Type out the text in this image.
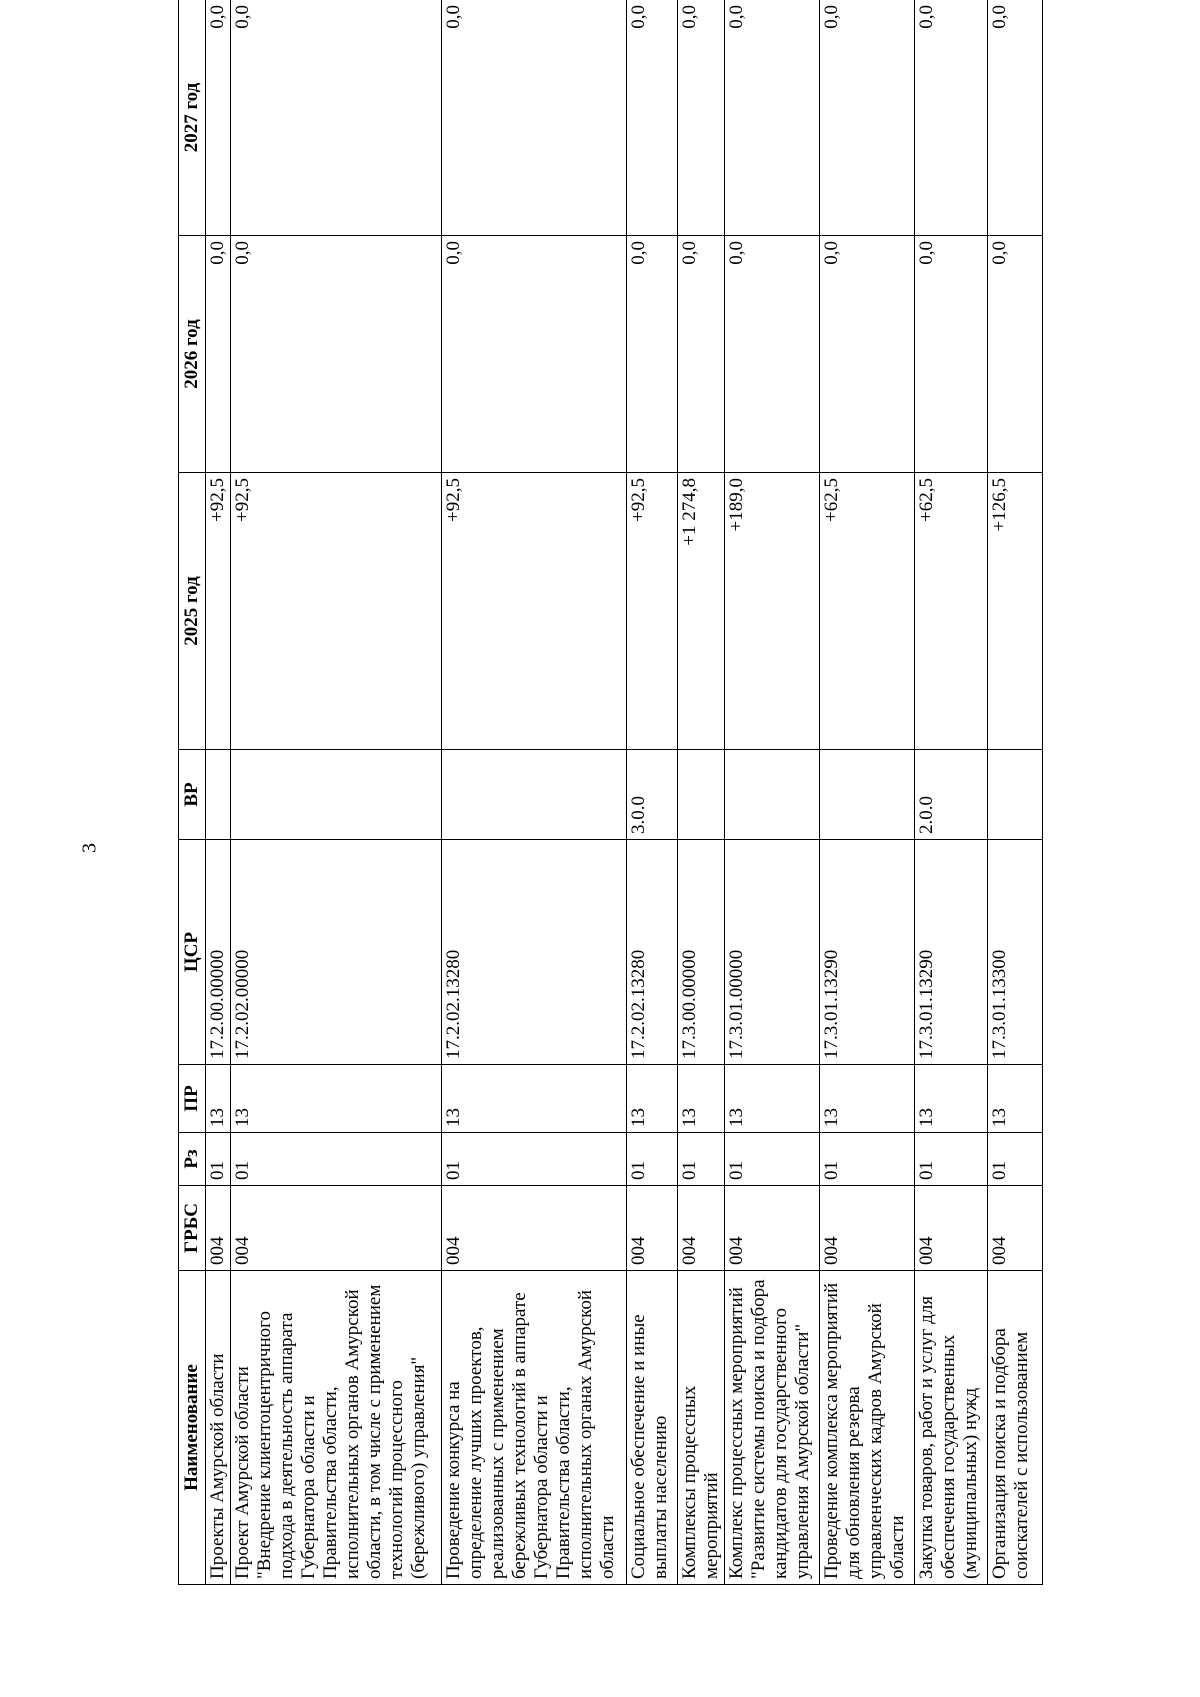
3
Наименование	ГРБС	Рз	ПР	ЦСР	ВР	2025 год	2026 год	2027 год
Проекты Амурской области	004	01	13	17.2.00.00000		+92,5	0,0	0,0
Проект Амурской области "Внедрение клиентоцентричного подхода в деятельность аппарата Губернатора области и Правительства области, исполнительных органов Амурской области, в том числе с применением технологий процессного (бережливого) управления"	004	01	13	17.2.02.00000		+92,5	0,0	0,0
Проведение конкурса на определение лучших проектов, реализованных с применением бережливых технологий в аппарате Губернатора области и Правительства области, исполнительных органах Амурской области	004	01	13	17.2.02.13280		+92,5	0,0	0,0
Социальное обеспечение и иные выплаты населению	004	01	13	17.2.02.13280	3.0.0	+92,5	0,0	0,0
Комплексы процессных мероприятий	004	01	13	17.3.00.00000		+1 274,8	0,0	0,0
Комплекс процессных мероприятий "Развитие системы поиска и подбора кандидатов для государственного управления Амурской области"	004	01	13	17.3.01.00000		+189,0	0,0	0,0
Проведение комплекса мероприятий для обновления резерва управленческих кадров Амурской области	004	01	13	17.3.01.13290		+62,5	0,0	0,0
Закупка товаров, работ и услуг для обеспечения государственных (муниципальных) нужд	004	01	13	17.3.01.13290	2.0.0	+62,5	0,0	0,0
Организация поиска и подбора соискателей с использованием	004	01	13	17.3.01.13300		+126,5	0,0	0,0
